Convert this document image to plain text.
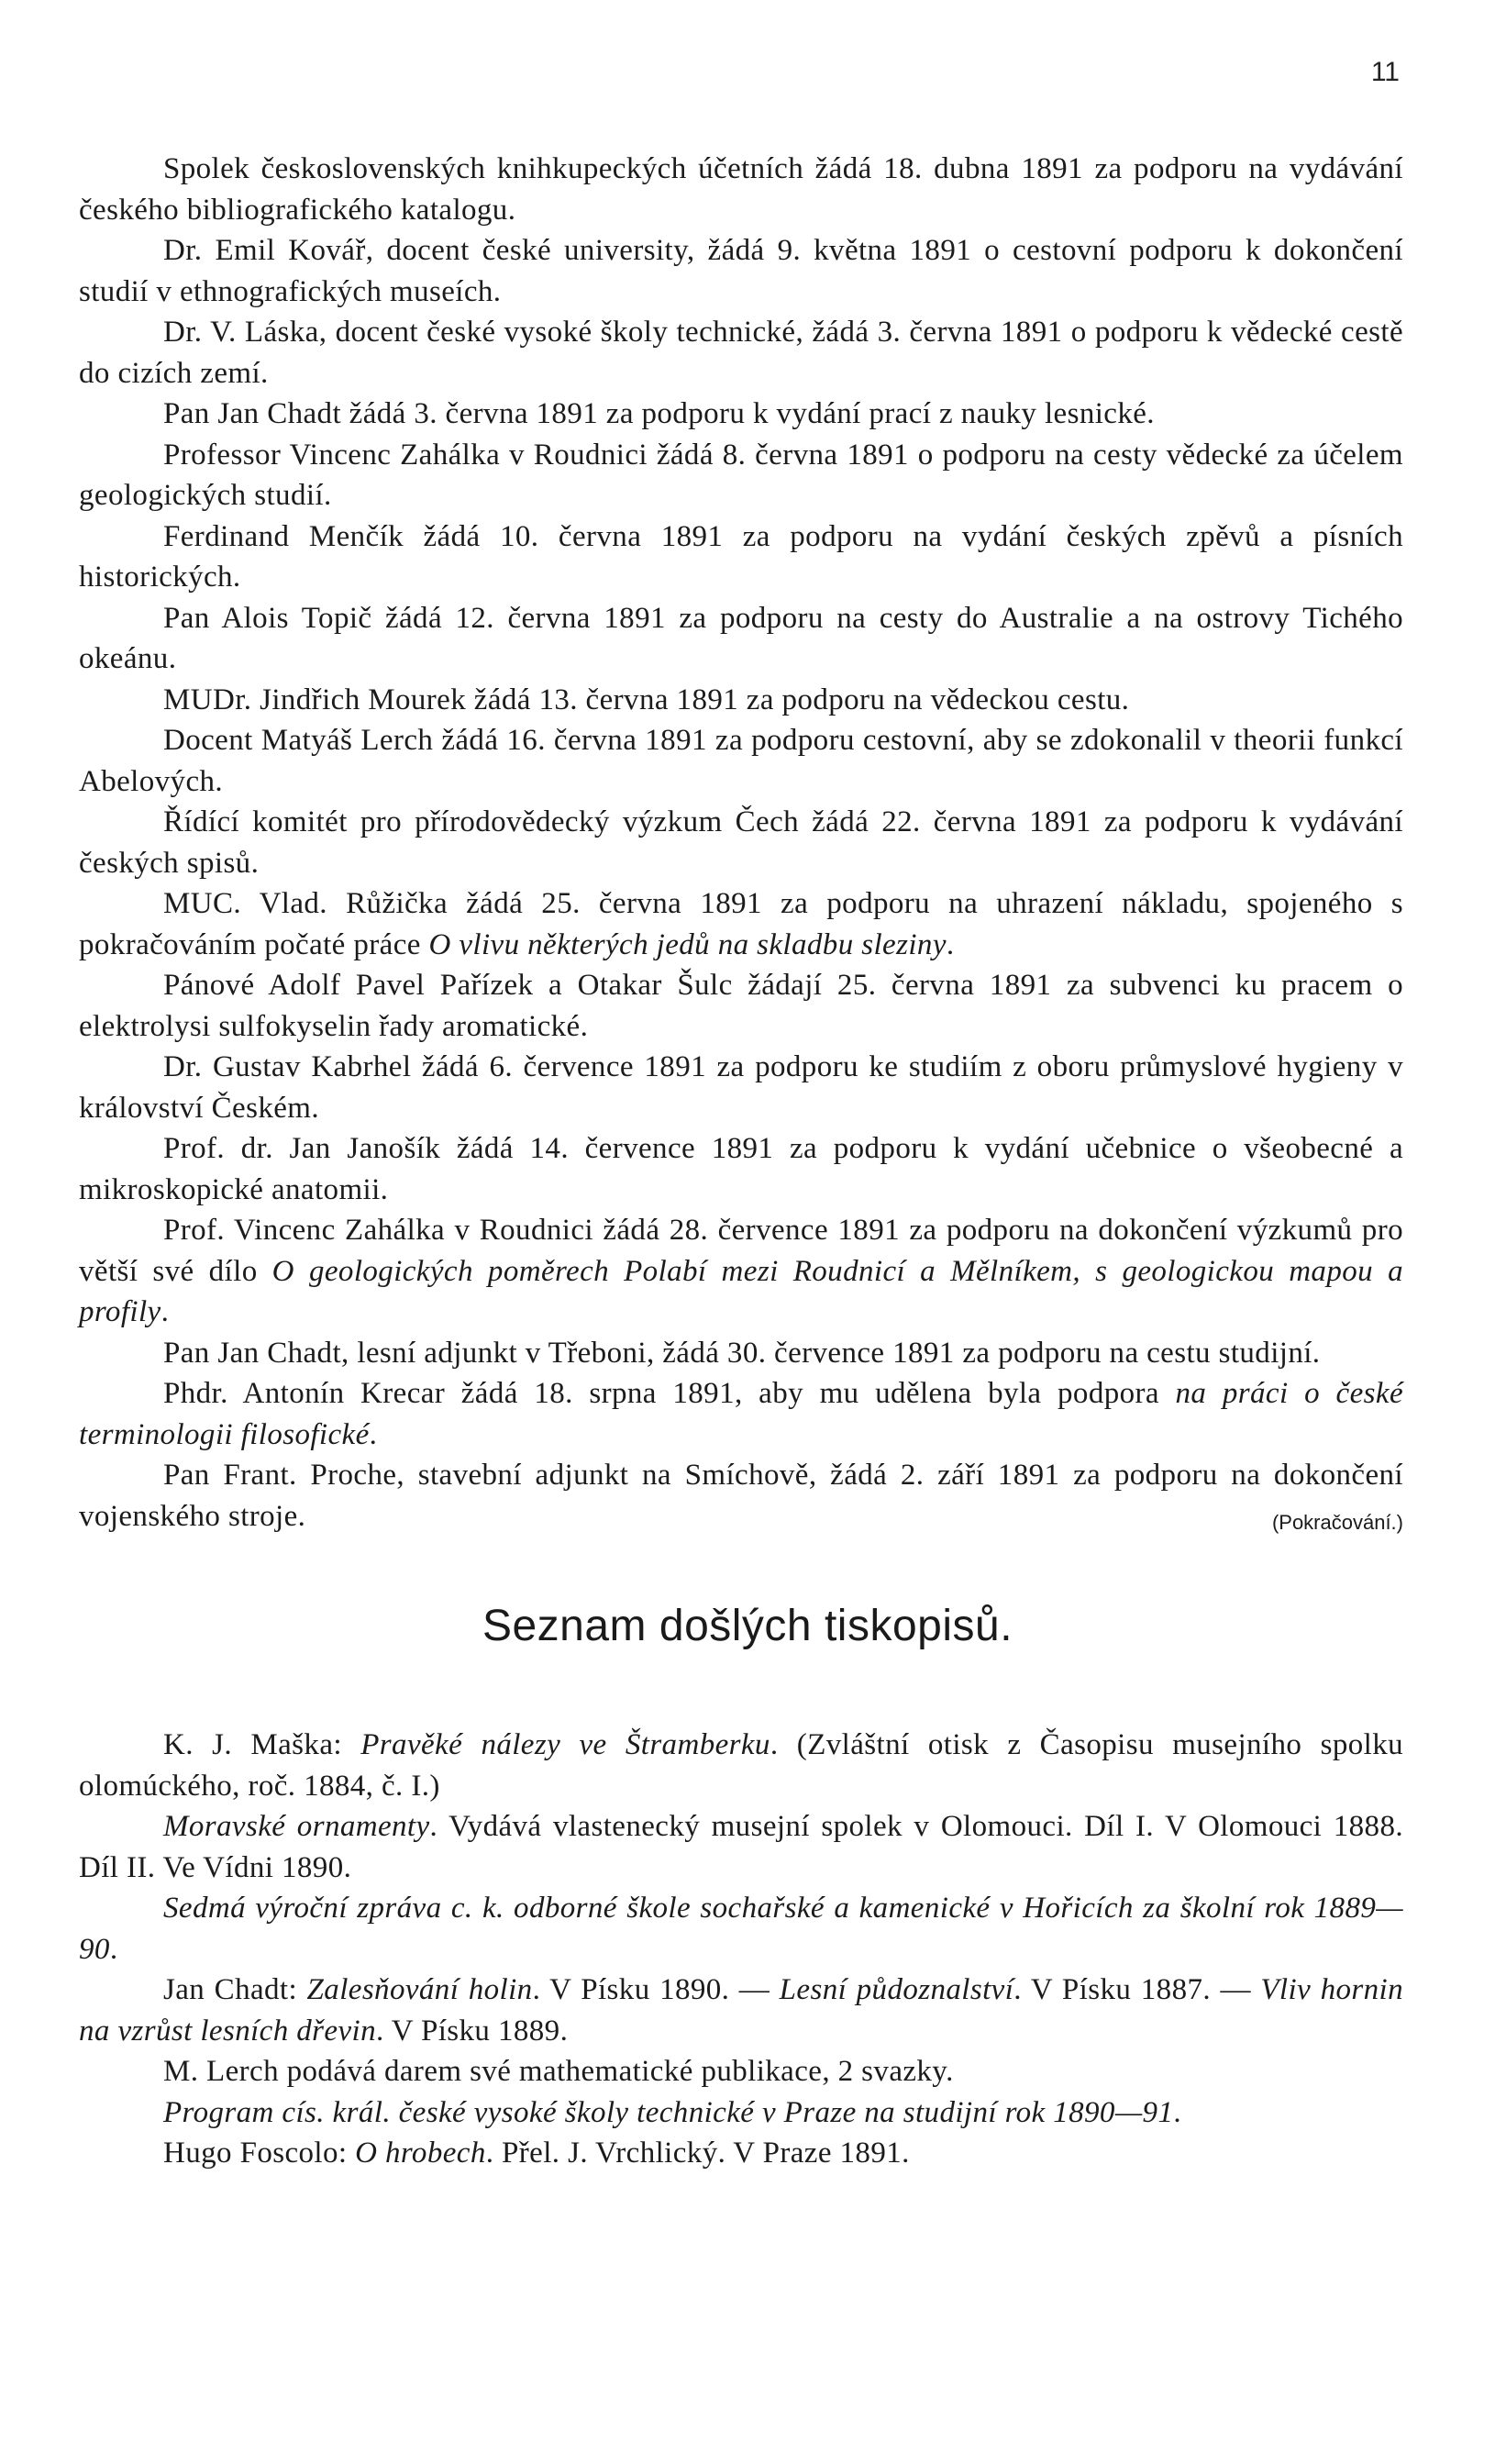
11

Spolek československých knihkupeckých účetních žádá 18. dubna 1891 za podporu na vydávání českého bibliografického katalogu.

Dr. Emil Kovář, docent české university, žádá 9. května 1891 o cestovní podporu k dokončení studií v ethnografických museích.

Dr. V. Láska, docent české vysoké školy technické, žádá 3. června 1891 o podporu k vědecké cestě do cizích zemí.

Pan Jan Chadt žádá 3. června 1891 za podporu k vydání prací z nauky lesnické.

Professor Vincenc Zahálka v Roudnici žádá 8. června 1891 o podporu na cesty vědecké za účelem geologických studií.

Ferdinand Menčík žádá 10. června 1891 za podporu na vydání českých zpěvů a písních historických.

Pan Alois Topič žádá 12. června 1891 za podporu na cesty do Australie a na ostrovy Tichého okeánu.

MUDr. Jindřich Mourek žádá 13. června 1891 za podporu na vědeckou cestu.

Docent Matyáš Lerch žádá 16. června 1891 za podporu cestovní, aby se zdokonalil v theorii funkcí Abelových.

Řídící komitét pro přírodovědecký výzkum Čech žádá 22. června 1891 za podporu k vydávání českých spisů.

MUC. Vlad. Růžička žádá 25. června 1891 za podporu na uhrazení nákladu, spojeného s pokračováním počaté práce O vlivu některých jedů na skladbu sleziny.

Pánové Adolf Pavel Pařízek a Otakar Šulc žádají 25. června 1891 za subvenci ku pracem o elektrolysi sulfokyselin řady aromatické.

Dr. Gustav Kabrhel žádá 6. července 1891 za podporu ke studiím z oboru průmyslové hygieny v království Českém.

Prof. dr. Jan Janošík žádá 14. července 1891 za podporu k vydání učebnice o všeobecné a mikroskopické anatomii.

Prof. Vincenc Zahálka v Roudnici žádá 28. července 1891 za podporu na dokončení výzkumů pro větší své dílo O geologických poměrech Polabí mezi Roudnicí a Mělníkem, s geologickou mapou a profily.

Pan Jan Chadt, lesní adjunkt v Třeboni, žádá 30. července 1891 za podporu na cestu studijní.

Phdr. Antonín Krecar žádá 18. srpna 1891, aby mu udělena byla podpora na práci o české terminologii filosofické.

Pan Frant. Proche, stavební adjunkt na Smíchově, žádá 2. září 1891 za podporu na dokončení vojenského stroje.	(Pokračování.)
Seznam došlých tiskopisů.

K. J. Maška: Pravěké nálezy ve Štramberku. (Zvláštní otisk z Časopisu musejního spolku olomúckého, roč. 1884, č. I.)

Moravské ornamenty. Vydává vlastenecký musejní spolek v Olomouci. Díl I. V Olomouci 1888. Díl II. Ve Vídni 1890.

Sedmá výroční zpráva c. k. odborné škole sochařské a kamenické v Hořicích za školní rok 1889—90.

Jan Chadt: Zalesňování holin. V Písku 1890. — Lesní půdoznalství. V Písku 1887. — Vliv hornin na vzrůst lesních dřevin. V Písku 1889.

M. Lerch podává darem své mathematické publikace, 2 svazky.

Program cís. král. české vysoké školy technické v Praze na studijní rok 1890—91.

Hugo Foscolo: O hrobech. Přel. J. Vrchlický. V Praze 1891.
